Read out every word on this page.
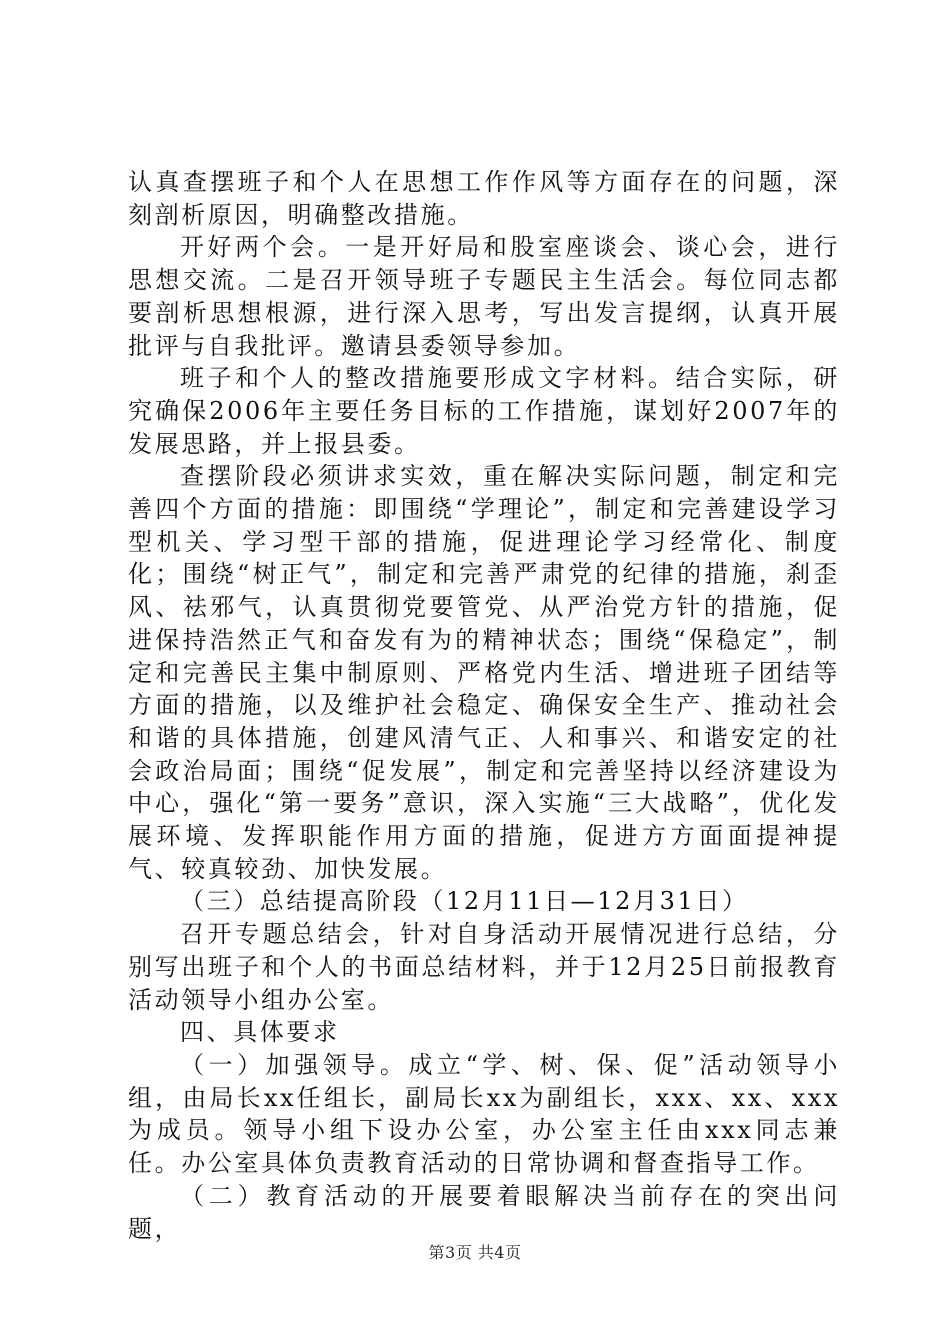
认真查摆班子和个人在思想工作作风等方面存在的问题，深刻剖析原因，明确整改措施。

开好两个会。一是开好局和股室座谈会、谈心会，进行思想交流。二是召开领导班子专题民主生活会。每位同志都要剖析思想根源，进行深入思考，写出发言提纲，认真开展批评与自我批评。邀请县委领导参加。

班子和个人的整改措施要形成文字材料。结合实际，研究确保2006年主要任务目标的工作措施，谋划好2007年的发展思路，并上报县委。

查摆阶段必须讲求实效，重在解决实际问题，制定和完善四个方面的措施：即围绕“学理论”，制定和完善建设学习型机关、学习型干部的措施，促进理论学习经常化、制度化；围绕“树正气”，制定和完善严肃党的纪律的措施，刹歪风、祛邪气，认真贯彻党要管党、从严治党方针的措施，促进保持浩然正气和奋发有为的精神状态；围绕“保稳定”，制定和完善民主集中制原则、严格党内生活、增进班子团结等方面的措施，以及维护社会稳定、确保安全生产、推动社会和谐的具体措施，创建风清气正、人和事兴、和谐安定的社会政治局面；围绕“促发展”，制定和完善坚持以经济建设为中心，强化“第一要务”意识，深入实施“三大战略”，优化发展环境、发挥职能作用方面的措施，促进方方面面提神提气、较真较劲、加快发展。

（三）总结提高阶段（12月11日—12月31日）

召开专题总结会，针对自身活动开展情况进行总结，分别写出班子和个人的书面总结材料，并于12月25日前报教育活动领导小组办公室。

四、具体要求

（一）加强领导。成立“学、树、保、促”活动领导小组，由局长xx任组长，副局长xx为副组长，xxx、xx、xxx为成员。领导小组下设办公室，办公室主任由xxx同志兼任。办公室具体负责教育活动的日常协调和督查指导工作。

（二）教育活动的开展要着眼解决当前存在的突出问题，

第3页 共4页
